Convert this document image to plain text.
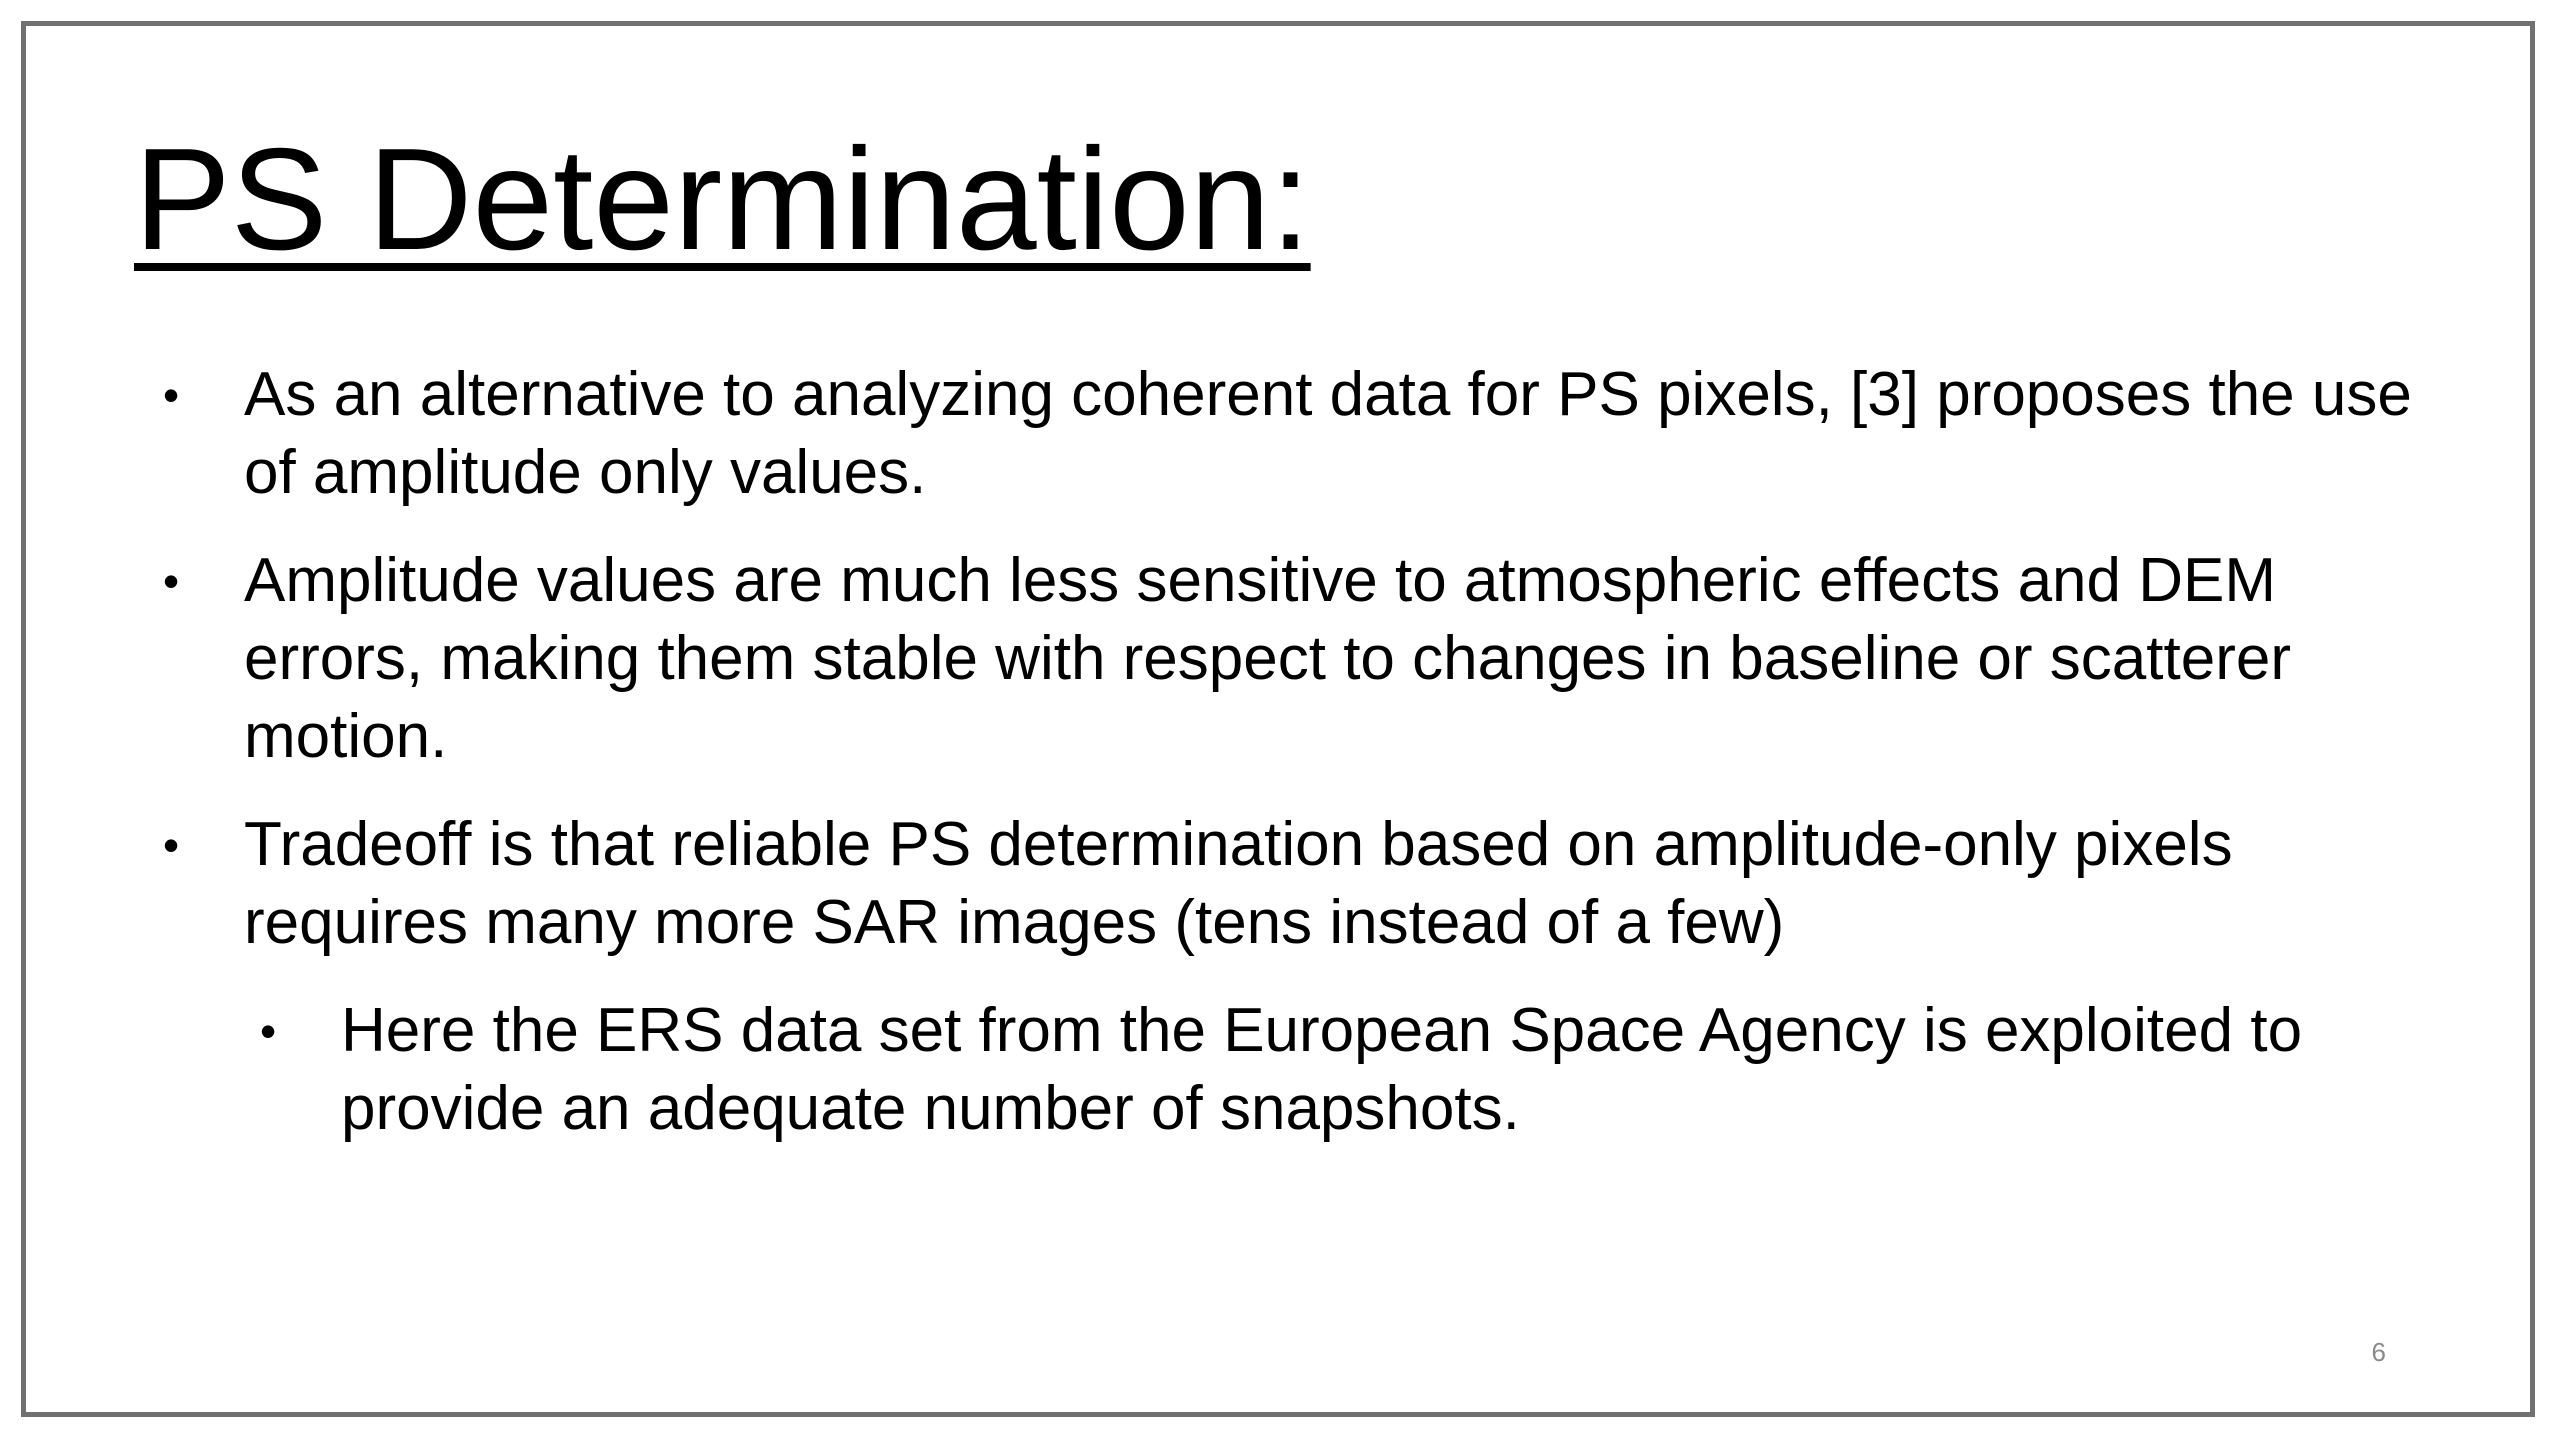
PS Determination:
• As an alternative to analyzing coherent data for PS pixels, [3] proposes the use of amplitude only values.
• Amplitude values are much less sensitive to atmospheric effects and DEM errors, making them stable with respect to changes in baseline or scatterer motion.
• Tradeoff is that reliable PS determination based on amplitude-only pixels requires many more SAR images (tens instead of a few)
• Here the ERS data set from the European Space Agency is exploited to provide an adequate number of snapshots.
6
